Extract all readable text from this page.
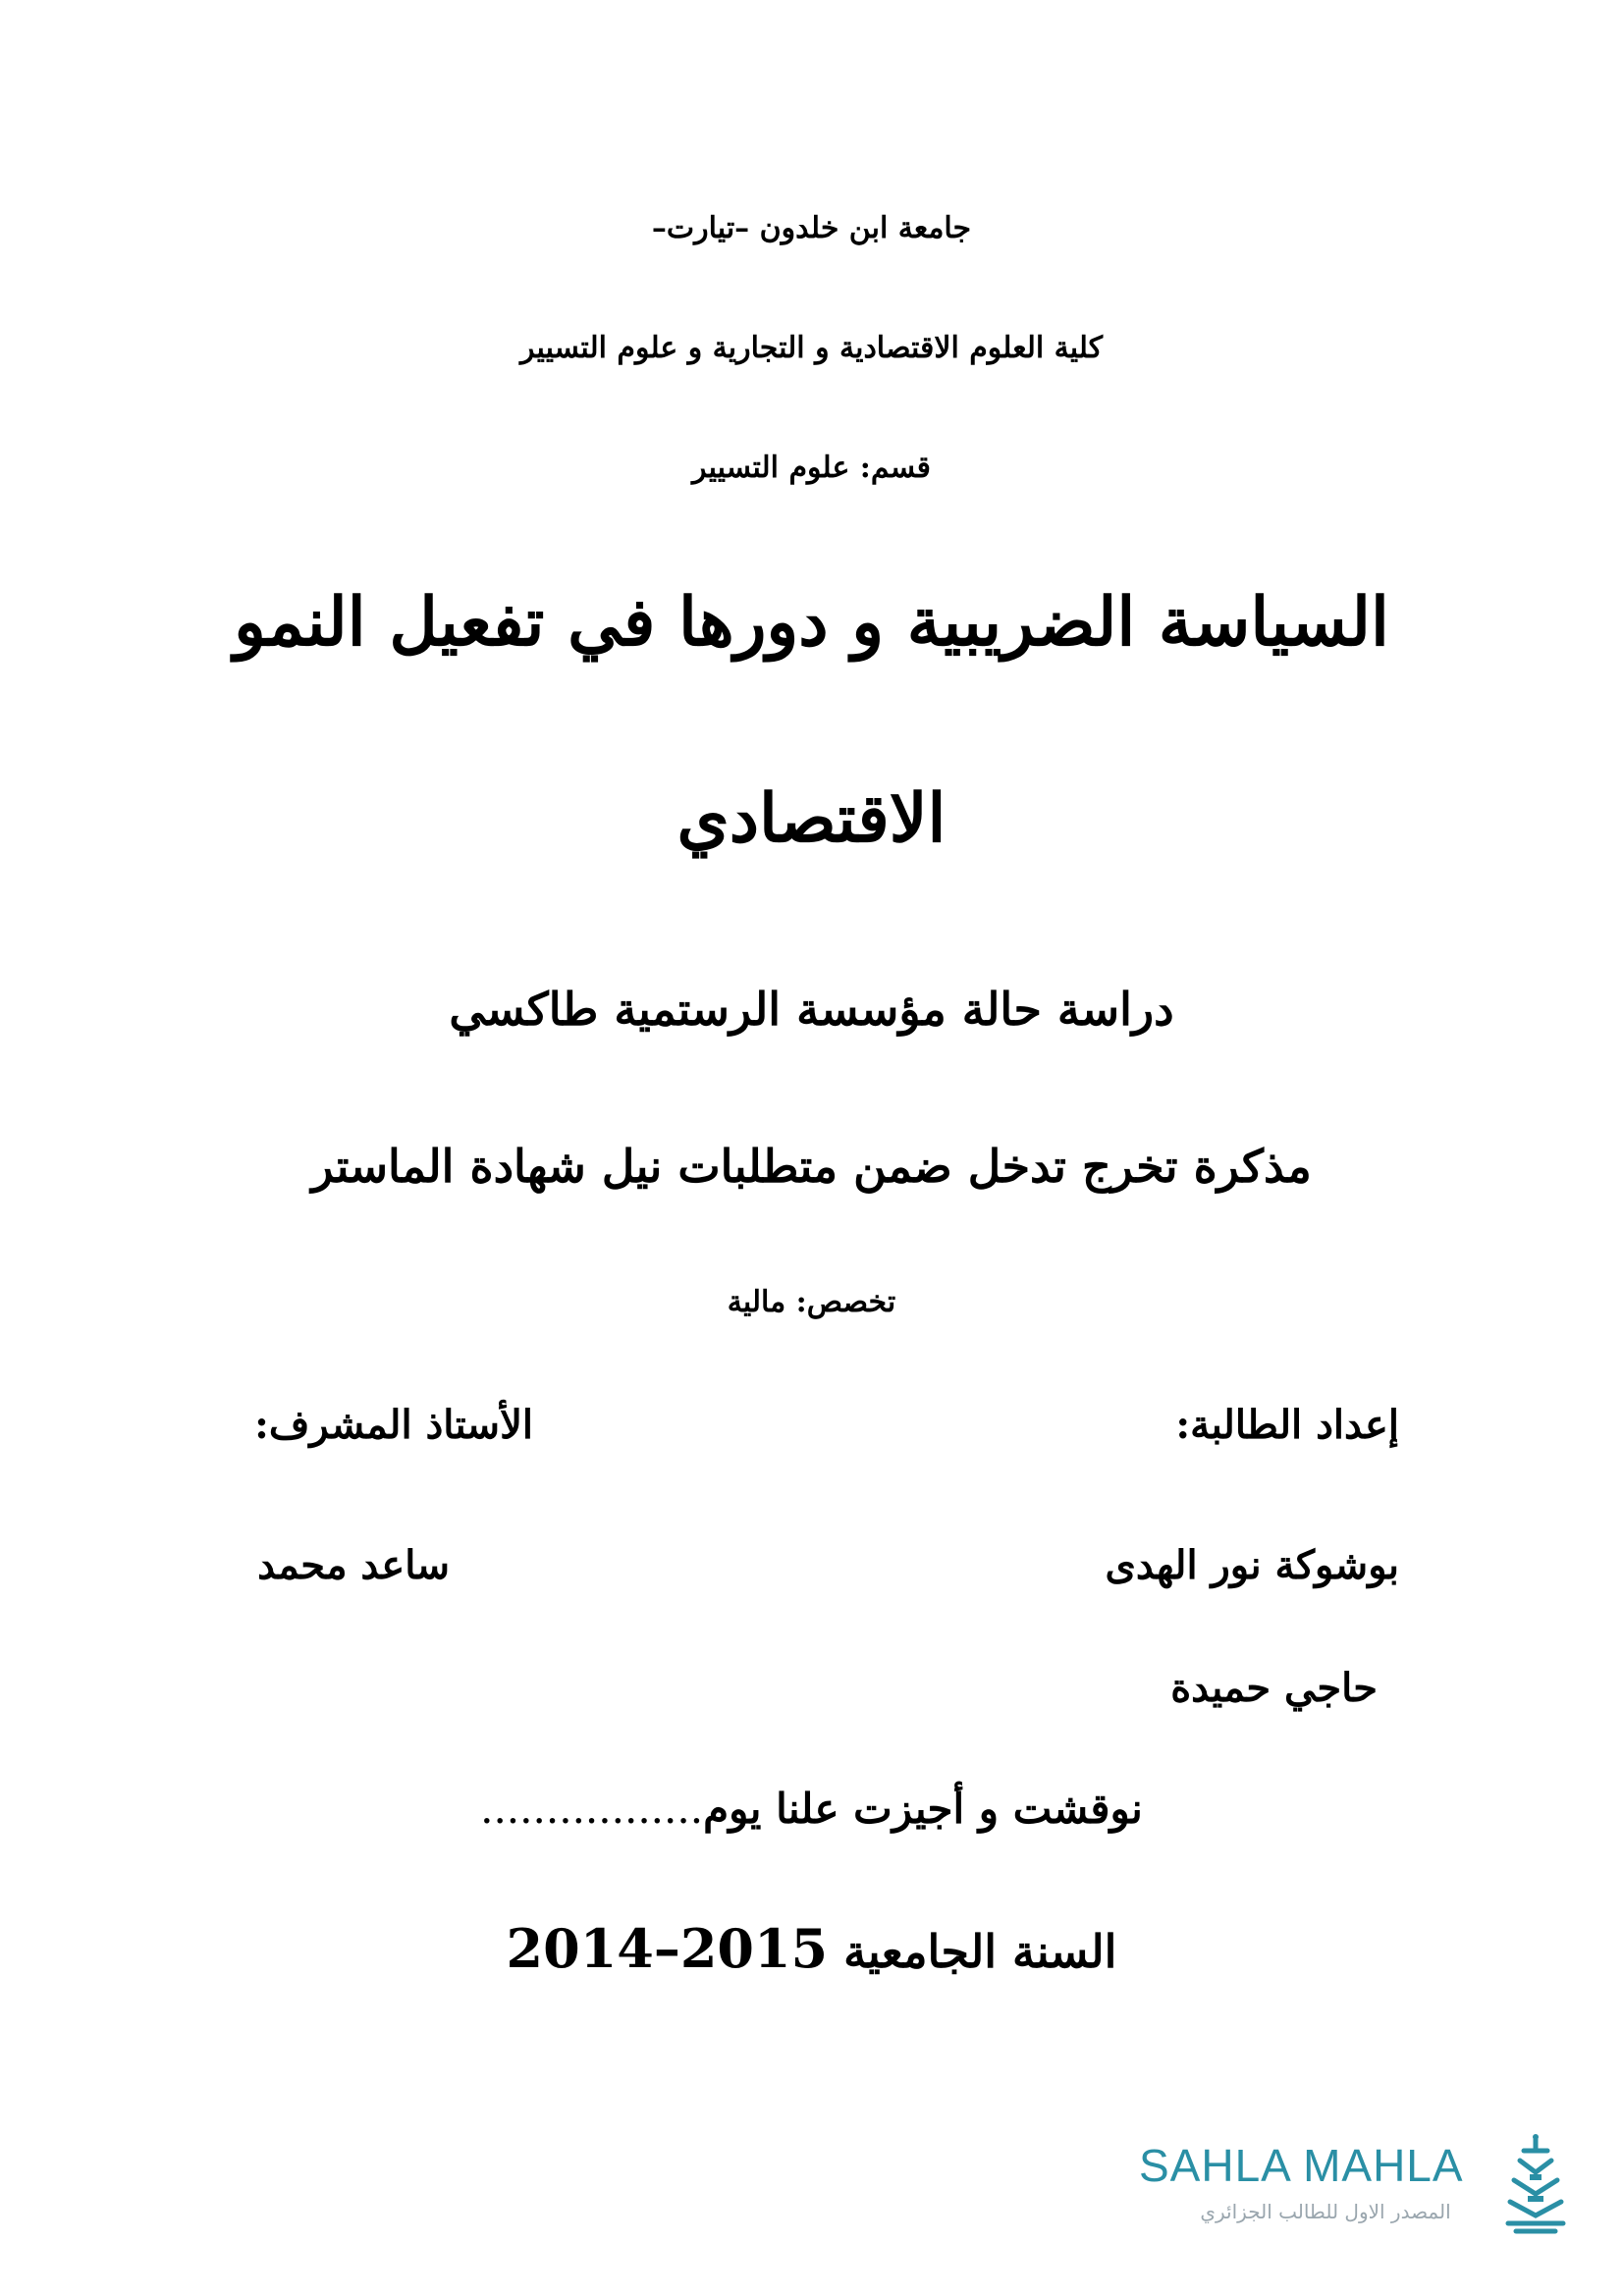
جامعة ابن خلدون –تيارت–
كلية العلوم الاقتصادية و التجارية و علوم التسيير
قسم: علوم التسيير
السياسة الضريبية و دورها في تفعيل النمو
الاقتصادي
دراسة حالة مؤسسة الرستمية طاكسي
مذكرة تخرج تدخل ضمن متطلبات نيل شهادة الماستر
تخصص: مالية
إعداد الطالبة:
الأستاذ المشرف:
بوشوكة نور الهدى
ساعد محمد
حاجي حميدة
نوقشت و أجيزت علنا يوم.................
السنة الجامعية 2014–2015
SAHLA MAHLA
المصدر الاول للطالب الجزائري
